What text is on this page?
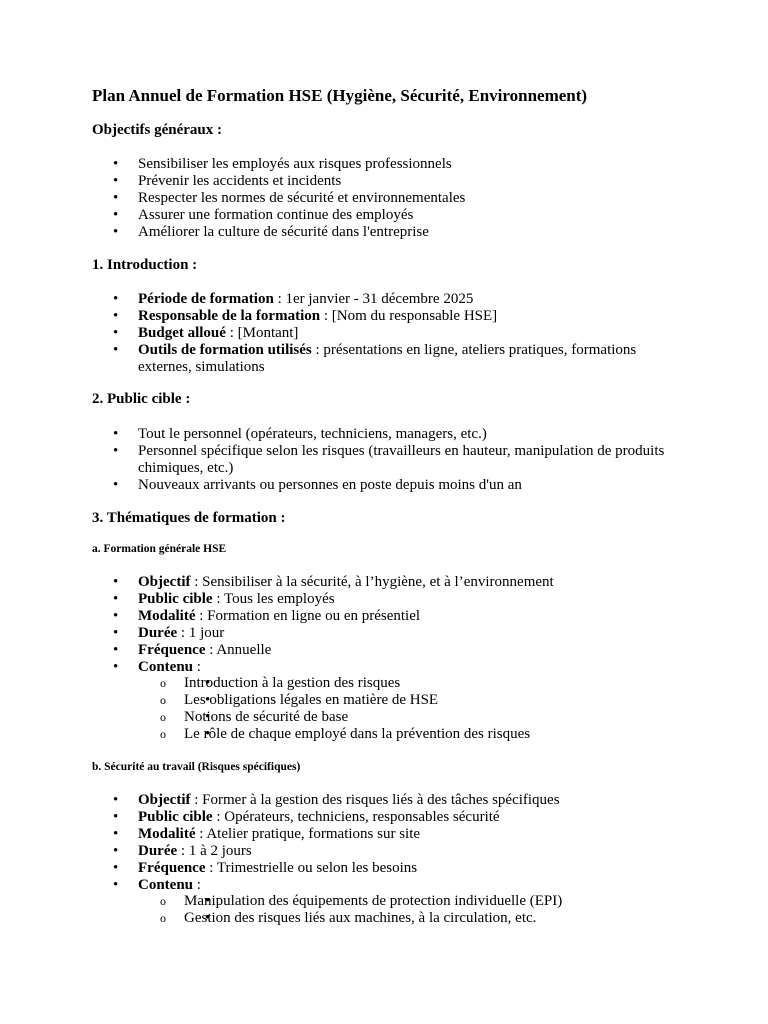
Plan Annuel de Formation HSE (Hygiène, Sécurité, Environnement)
Objectifs généraux :
• Sensibiliser les employés aux risques professionnels
• Prévenir les accidents et incidents
• Respecter les normes de sécurité et environnementales
• Assurer une formation continue des employés
• Améliorer la culture de sécurité dans l'entreprise
1. Introduction :
• Période de formation : 1er janvier - 31 décembre 2025
• Responsable de la formation : [Nom du responsable HSE]
• Budget alloué : [Montant]
• Outils de formation utilisés : présentations en ligne, ateliers pratiques, formations externes, simulations
2. Public cible :
• Tout le personnel (opérateurs, techniciens, managers, etc.)
• Personnel spécifique selon les risques (travailleurs en hauteur, manipulation de produits chimiques, etc.)
• Nouveaux arrivants ou personnes en poste depuis moins d'un an
3. Thématiques de formation :
a. Formation générale HSE
• Objectif : Sensibiliser à la sécurité, à l’hygiène, et à l’environnement
• Public cible : Tous les employés
• Modalité : Formation en ligne ou en présentiel
• Durée : 1 jour
• Fréquence : Annuelle
• Contenu :
• o Introduction à la gestion des risques
• o Les obligations légales en matière de HSE
• o Notions de sécurité de base
• o Le rôle de chaque employé dans la prévention des risques
b. Sécurité au travail (Risques spécifiques)
• Objectif : Former à la gestion des risques liés à des tâches spécifiques
• Public cible : Opérateurs, techniciens, responsables sécurité
• Modalité : Atelier pratique, formations sur site
• Durée : 1 à 2 jours
• Fréquence : Trimestrielle ou selon les besoins
• Contenu :
• o Manipulation des équipements de protection individuelle (EPI)
• o Gestion des risques liés aux machines, à la circulation, etc.
